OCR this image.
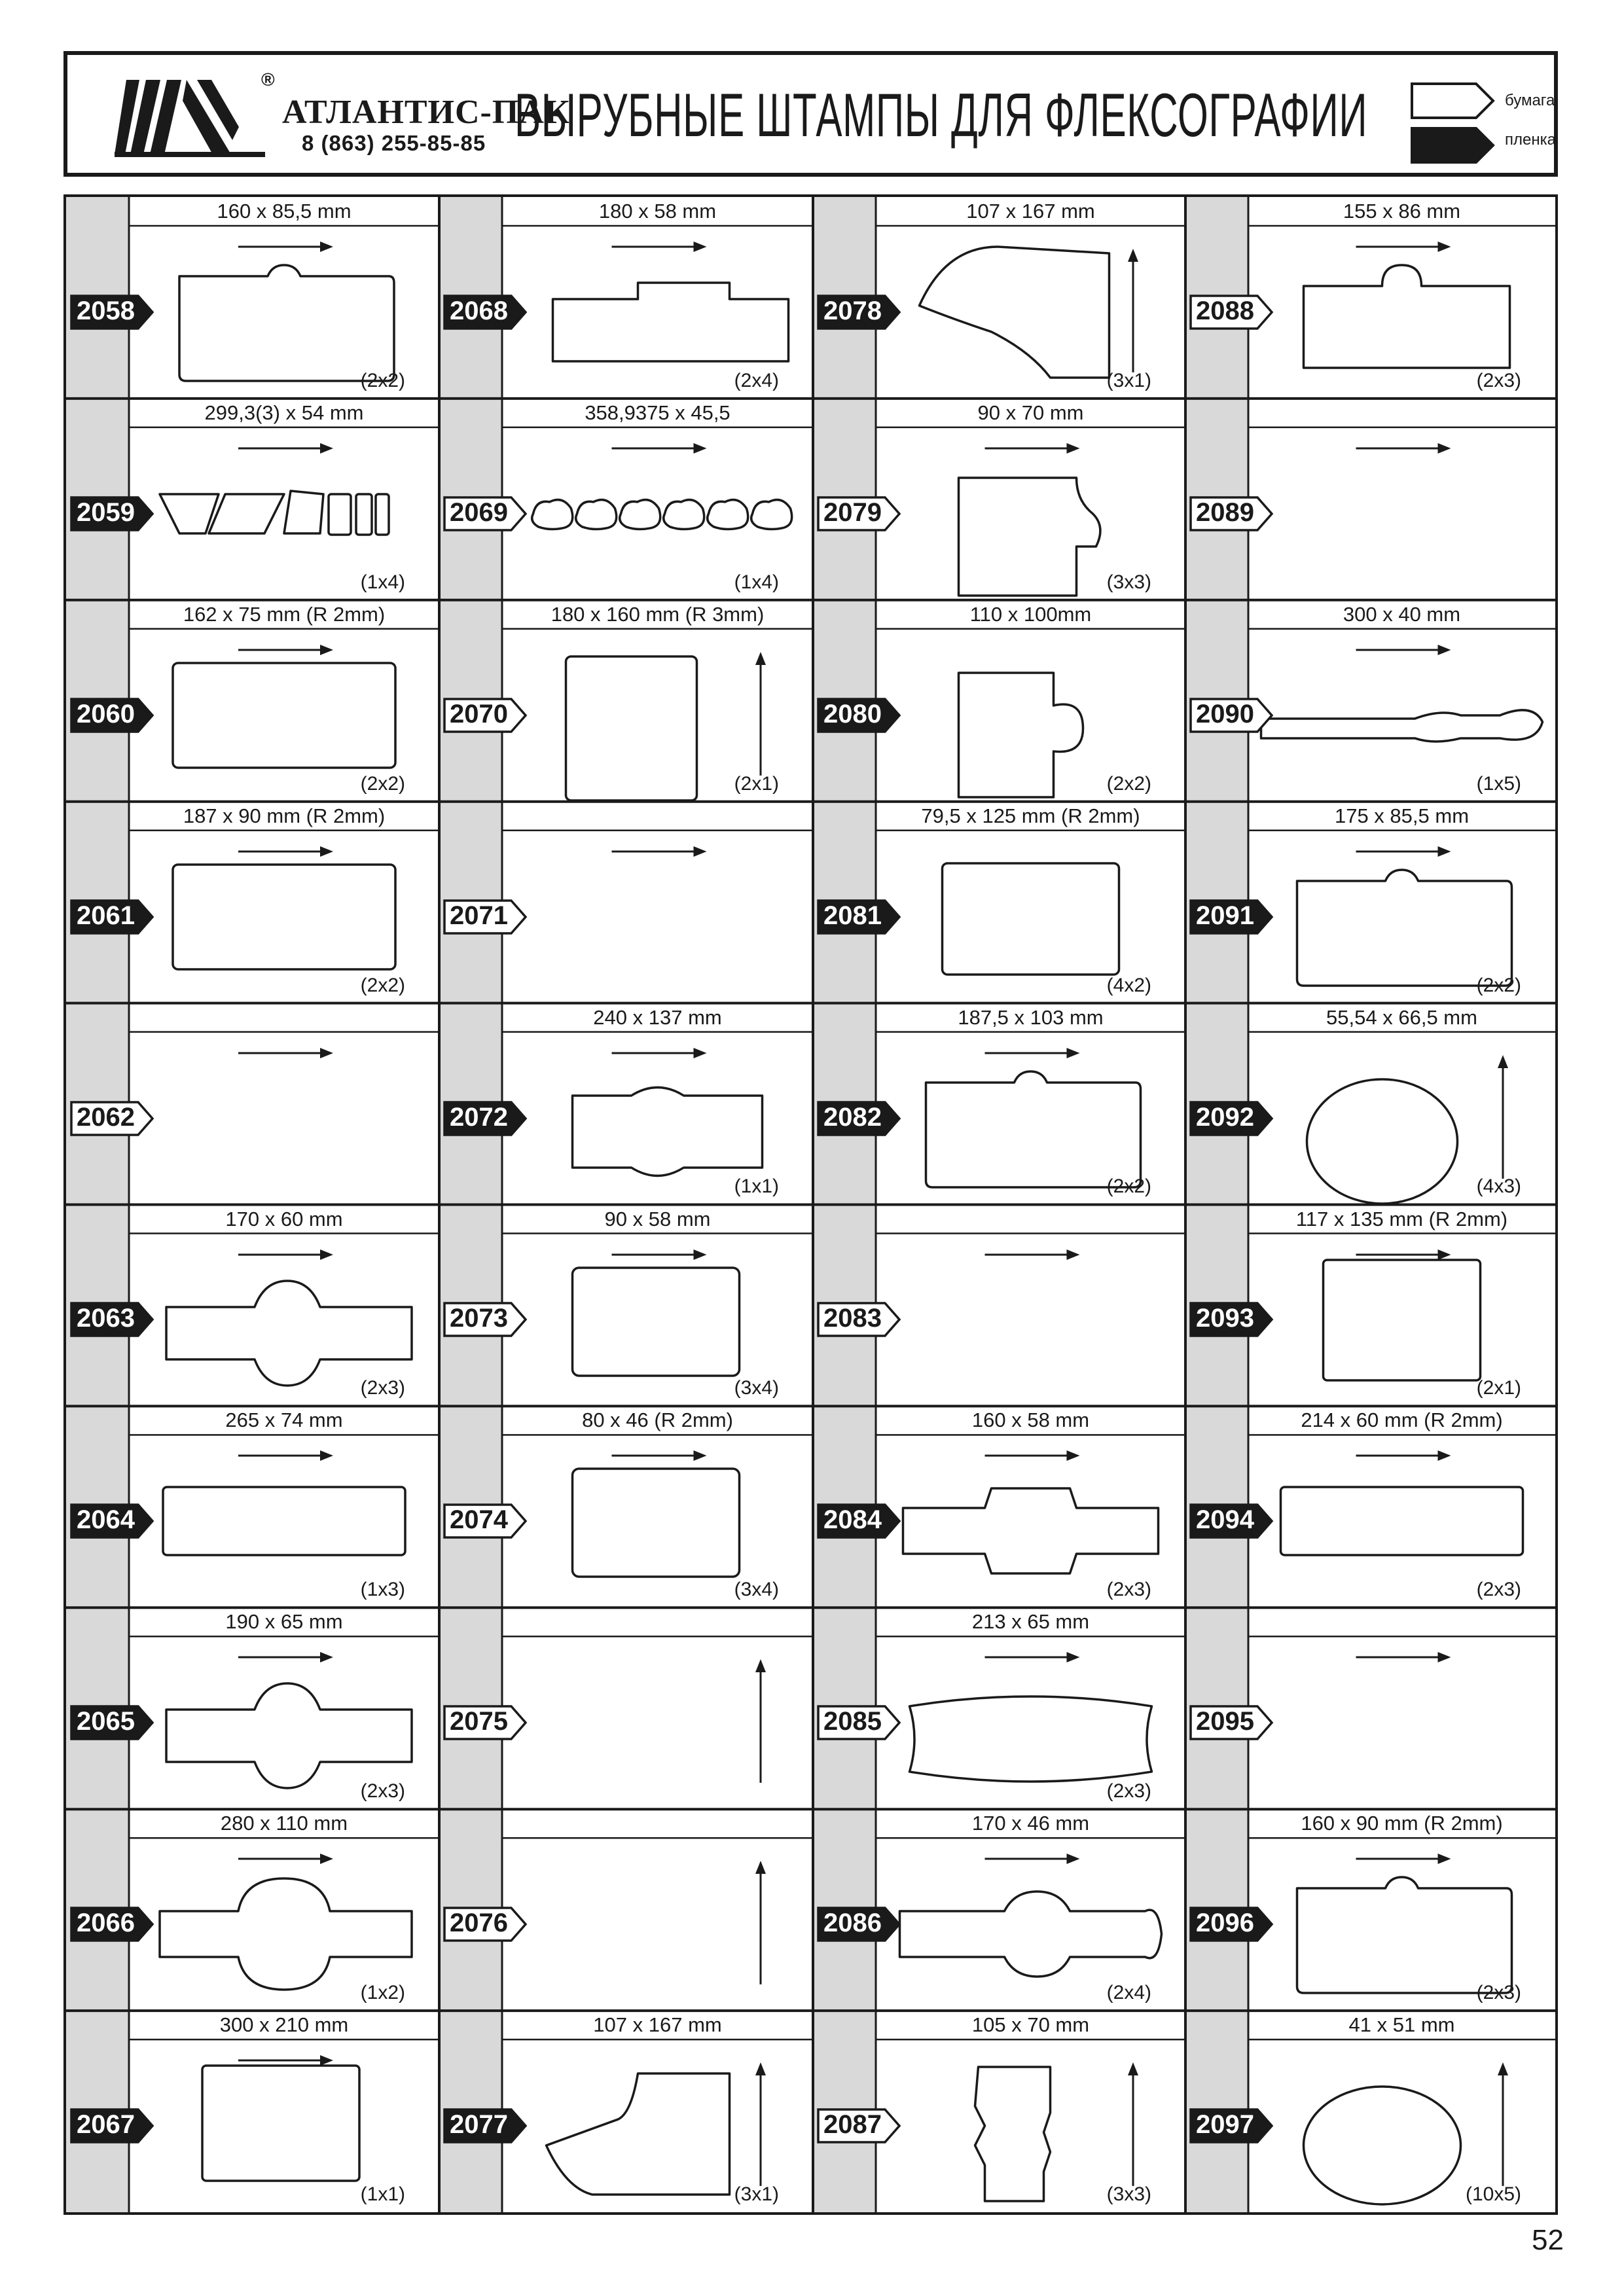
®
АТЛАНТИС-ПАК
8 (863) 255-85-85 ВЫРУБНЫЕ ШТАМПЫ ДЛЯ ФЛЕКСОГРАФИИ	бумага
пленка
160 x 85,5 mm
(2x2)
2058
299,3(3) x 54 mm
(1x4)
2059
162 x 75 mm (R 2mm)
(2x2)
2060
187 x 90 mm (R 2mm)
(2x2)
2061
2062
170 x 60 mm
(2x3)
2063
265 x 74 mm
(1x3)
2064
190 x 65 mm
(2x3)
2065
280 x 110 mm
(1x2)
2066
300 x 210 mm
(1x1)
2067
180 x 58 mm
(2x4)
2068
358,9375 x 45,5
(1x4)
2069
180 x 160 mm (R 3mm)
(2x1)
2070
2071
240 x 137 mm
(1x1)
2072
90 x 58 mm
(3x4)
2073
80 x 46 (R 2mm)
(3x4)
2074
2075
2076
107 x 167 mm
(3x1)
2077
107 x 167 mm
(3x1)
2078
90 x 70 mm
(3x3)
2079
110 x 100mm
(2x2)
2080
79,5 x 125 mm (R 2mm)
(4x2)
2081
187,5 x 103 mm
(2x2)
2082
2083
160 x 58 mm
(2x3)
2084
213 x 65 mm
(2x3)
2085
170 x 46 mm
(2x4)
2086
105 x 70 mm
(3x3)
2087
155 x 86 mm
(2x3)
2088
2089
300 x 40 mm
(1x5)
2090
175 x 85,5 mm
(2x2)
2091
55,54 x 66,5 mm
(4x3)
2092
117 x 135 mm (R 2mm)
(2x1)
2093
214 x 60 mm (R 2mm)
(2x3)
2094
2095
160 x 90 mm (R 2mm)
(2x3)
2096
41 x 51 mm
(10x5)
2097
52
